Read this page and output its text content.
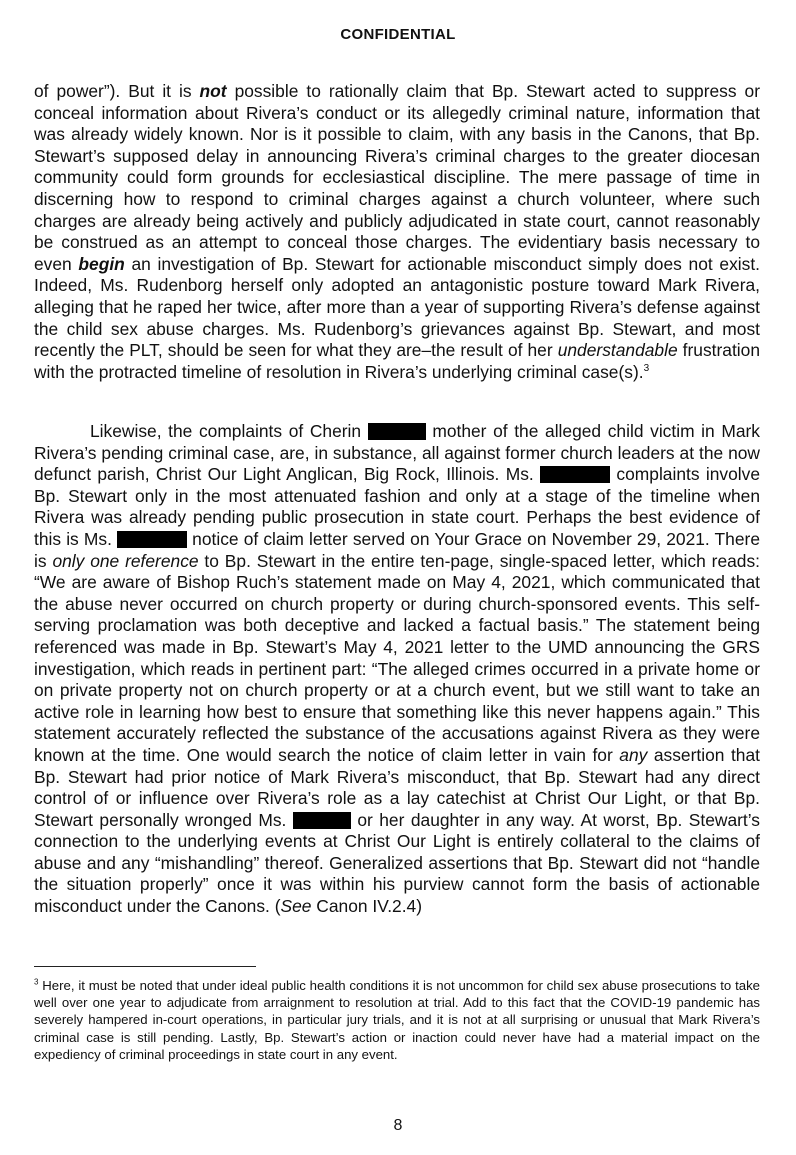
CONFIDENTIAL

of power”). But it is not possible to rationally claim that Bp. Stewart acted to suppress or conceal information about Rivera’s conduct or its allegedly criminal nature, information that was already widely known. Nor is it possible to claim, with any basis in the Canons, that Bp. Stewart’s supposed delay in announcing Rivera’s criminal charges to the greater diocesan community could form grounds for ecclesiastical discipline. The mere passage of time in discerning how to respond to criminal charges against a church volunteer, where such charges are already being actively and publicly adjudicated in state court, cannot reasonably be construed as an attempt to conceal those charges. The evidentiary basis necessary to even begin an investigation of Bp. Stewart for actionable misconduct simply does not exist. Indeed, Ms. Rudenborg herself only adopted an antagonistic posture toward Mark Rivera, alleging that he raped her twice, after more than a year of supporting Rivera’s defense against the child sex abuse charges. Ms. Rudenborg’s grievances against Bp. Stewart, and most recently the PLT, should be seen for what they are–the result of her understandable frustration with the protracted timeline of resolution in Rivera’s underlying criminal case(s).$^3$

Likewise, the complaints of Cherin	mother of the alleged child victim in Mark Rivera’s pending criminal case, are, in substance, all against former church leaders at the now defunct parish, Christ Our Light Anglican, Big Rock, Illinois. Ms.	complaints involve Bp. Stewart only in the most attenuated fashion and only at a stage of the timeline when Rivera was already pending public prosecution in state court. Perhaps the best evidence of this is Ms.	notice of claim letter served on Your Grace on November 29, 2021. There is only one reference to Bp. Stewart in the entire ten-page, single-spaced letter, which reads: “We are aware of Bishop Ruch’s statement made on May 4, 2021, which communicated that the abuse never occurred on church property or during church-sponsored events. This self-serving proclamation was both deceptive and lacked a factual basis.” The statement being referenced was made in Bp. Stewart’s May 4, 2021 letter to the UMD announcing the GRS investigation, which reads in pertinent part: “The alleged crimes occurred in a private home or on private property not on church property or at a church event, but we still want to take an active role in learning how best to ensure that something like this never happens again.” This statement accurately reflected the substance of the accusations against Rivera as they were known at the time. One would search the notice of claim letter in vain for any assertion that Bp. Stewart had prior notice of Mark Rivera’s misconduct, that Bp. Stewart had any direct control of or influence over Rivera’s role as a lay catechist at Christ Our Light, or that Bp. Stewart personally wronged Ms.	or her daughter in any way. At worst, Bp. Stewart’s connection to the underlying events at Christ Our Light is entirely collateral to the claims of abuse and any “mishandling” thereof. Generalized assertions that Bp. Stewart did not “handle the situation properly” once it was within his purview cannot form the basis of actionable misconduct under the Canons. (See Canon IV.2.4)

$^3$ Here, it must be noted that under ideal public health conditions it is not uncommon for child sex abuse prosecutions to take well over one year to adjudicate from arraignment to resolution at trial. Add to this fact that the COVID-19 pandemic has severely hampered in-court operations, in particular jury trials, and it is not at all surprising or unusual that Mark Rivera’s criminal case is still pending. Lastly, Bp. Stewart’s action or inaction could never have had a material impact on the expediency of criminal proceedings in state court in any event.

8
